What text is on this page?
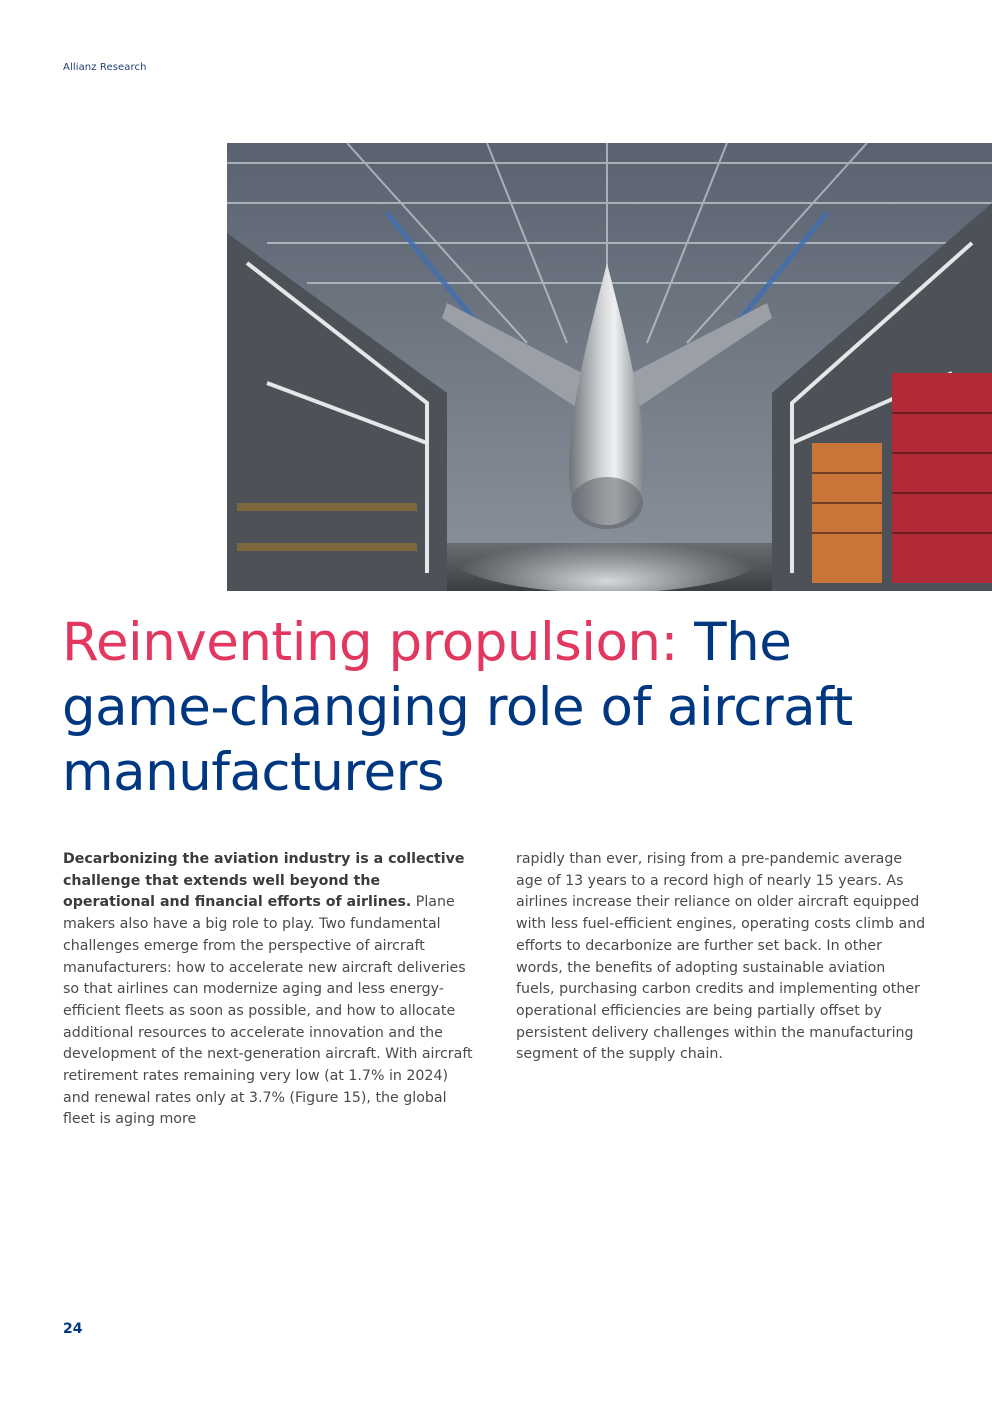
Allianz Research
Reinventing propulsion: The game-changing role of aircraft manufacturers
Decarbonizing the aviation industry is a collective challenge that extends well beyond the operational and financial efforts of airlines. Plane makers also have a big role to play. Two fundamental challenges emerge from the perspective of aircraft manufacturers: how to accelerate new aircraft deliveries so that airlines can modernize aging and less energy-efficient fleets as soon as possible, and how to allocate additional resources to accelerate innovation and the development of the next-generation aircraft. With aircraft retirement rates remaining very low (at 1.7% in 2024) and renewal rates only at 3.7% (Figure 15), the global fleet is aging more
rapidly than ever, rising from a pre-pandemic average age of 13 years to a record high of nearly 15 years. As airlines increase their reliance on older aircraft equipped with less fuel-efficient engines, operating costs climb and efforts to decarbonize are further set back. In other words, the benefits of adopting sustainable aviation fuels, purchasing carbon credits and implementing other operational efficiencies are being partially offset by persistent delivery challenges within the manufacturing segment of the supply chain.
24
